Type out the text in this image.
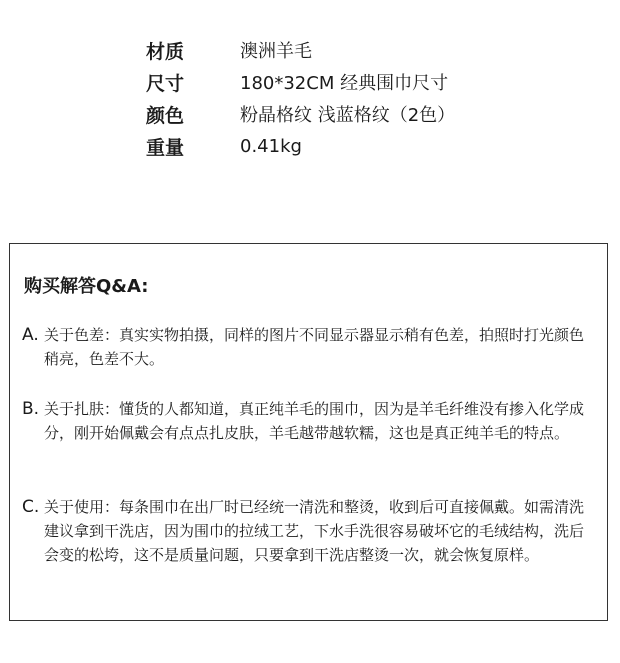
材质	澳洲羊毛
尺寸	180*32CM 经典围巾尺寸
颜色	粉晶格纹 浅蓝格纹（2色）
重量	0.41kg
购买解答Q&A:
A. 关于色差：真实实物拍摄，同样的图片不同显示器显示稍有色差，拍照时打光颜色稍亮，色差不大。
B. 关于扎肤：懂货的人都知道，真正纯羊毛的围巾，因为是羊毛纤维没有掺入化学成分，刚开始佩戴会有点点扎皮肤，羊毛越带越软糯，这也是真正纯羊毛的特点。
C. 关于使用：每条围巾在出厂时已经统一清洗和整烫，收到后可直接佩戴。如需清洗建议拿到干洗店，因为围巾的拉绒工艺，下水手洗很容易破坏它的毛绒结构，洗后会变的松垮，这不是质量问题，只要拿到干洗店整烫一次，就会恢复原样。
